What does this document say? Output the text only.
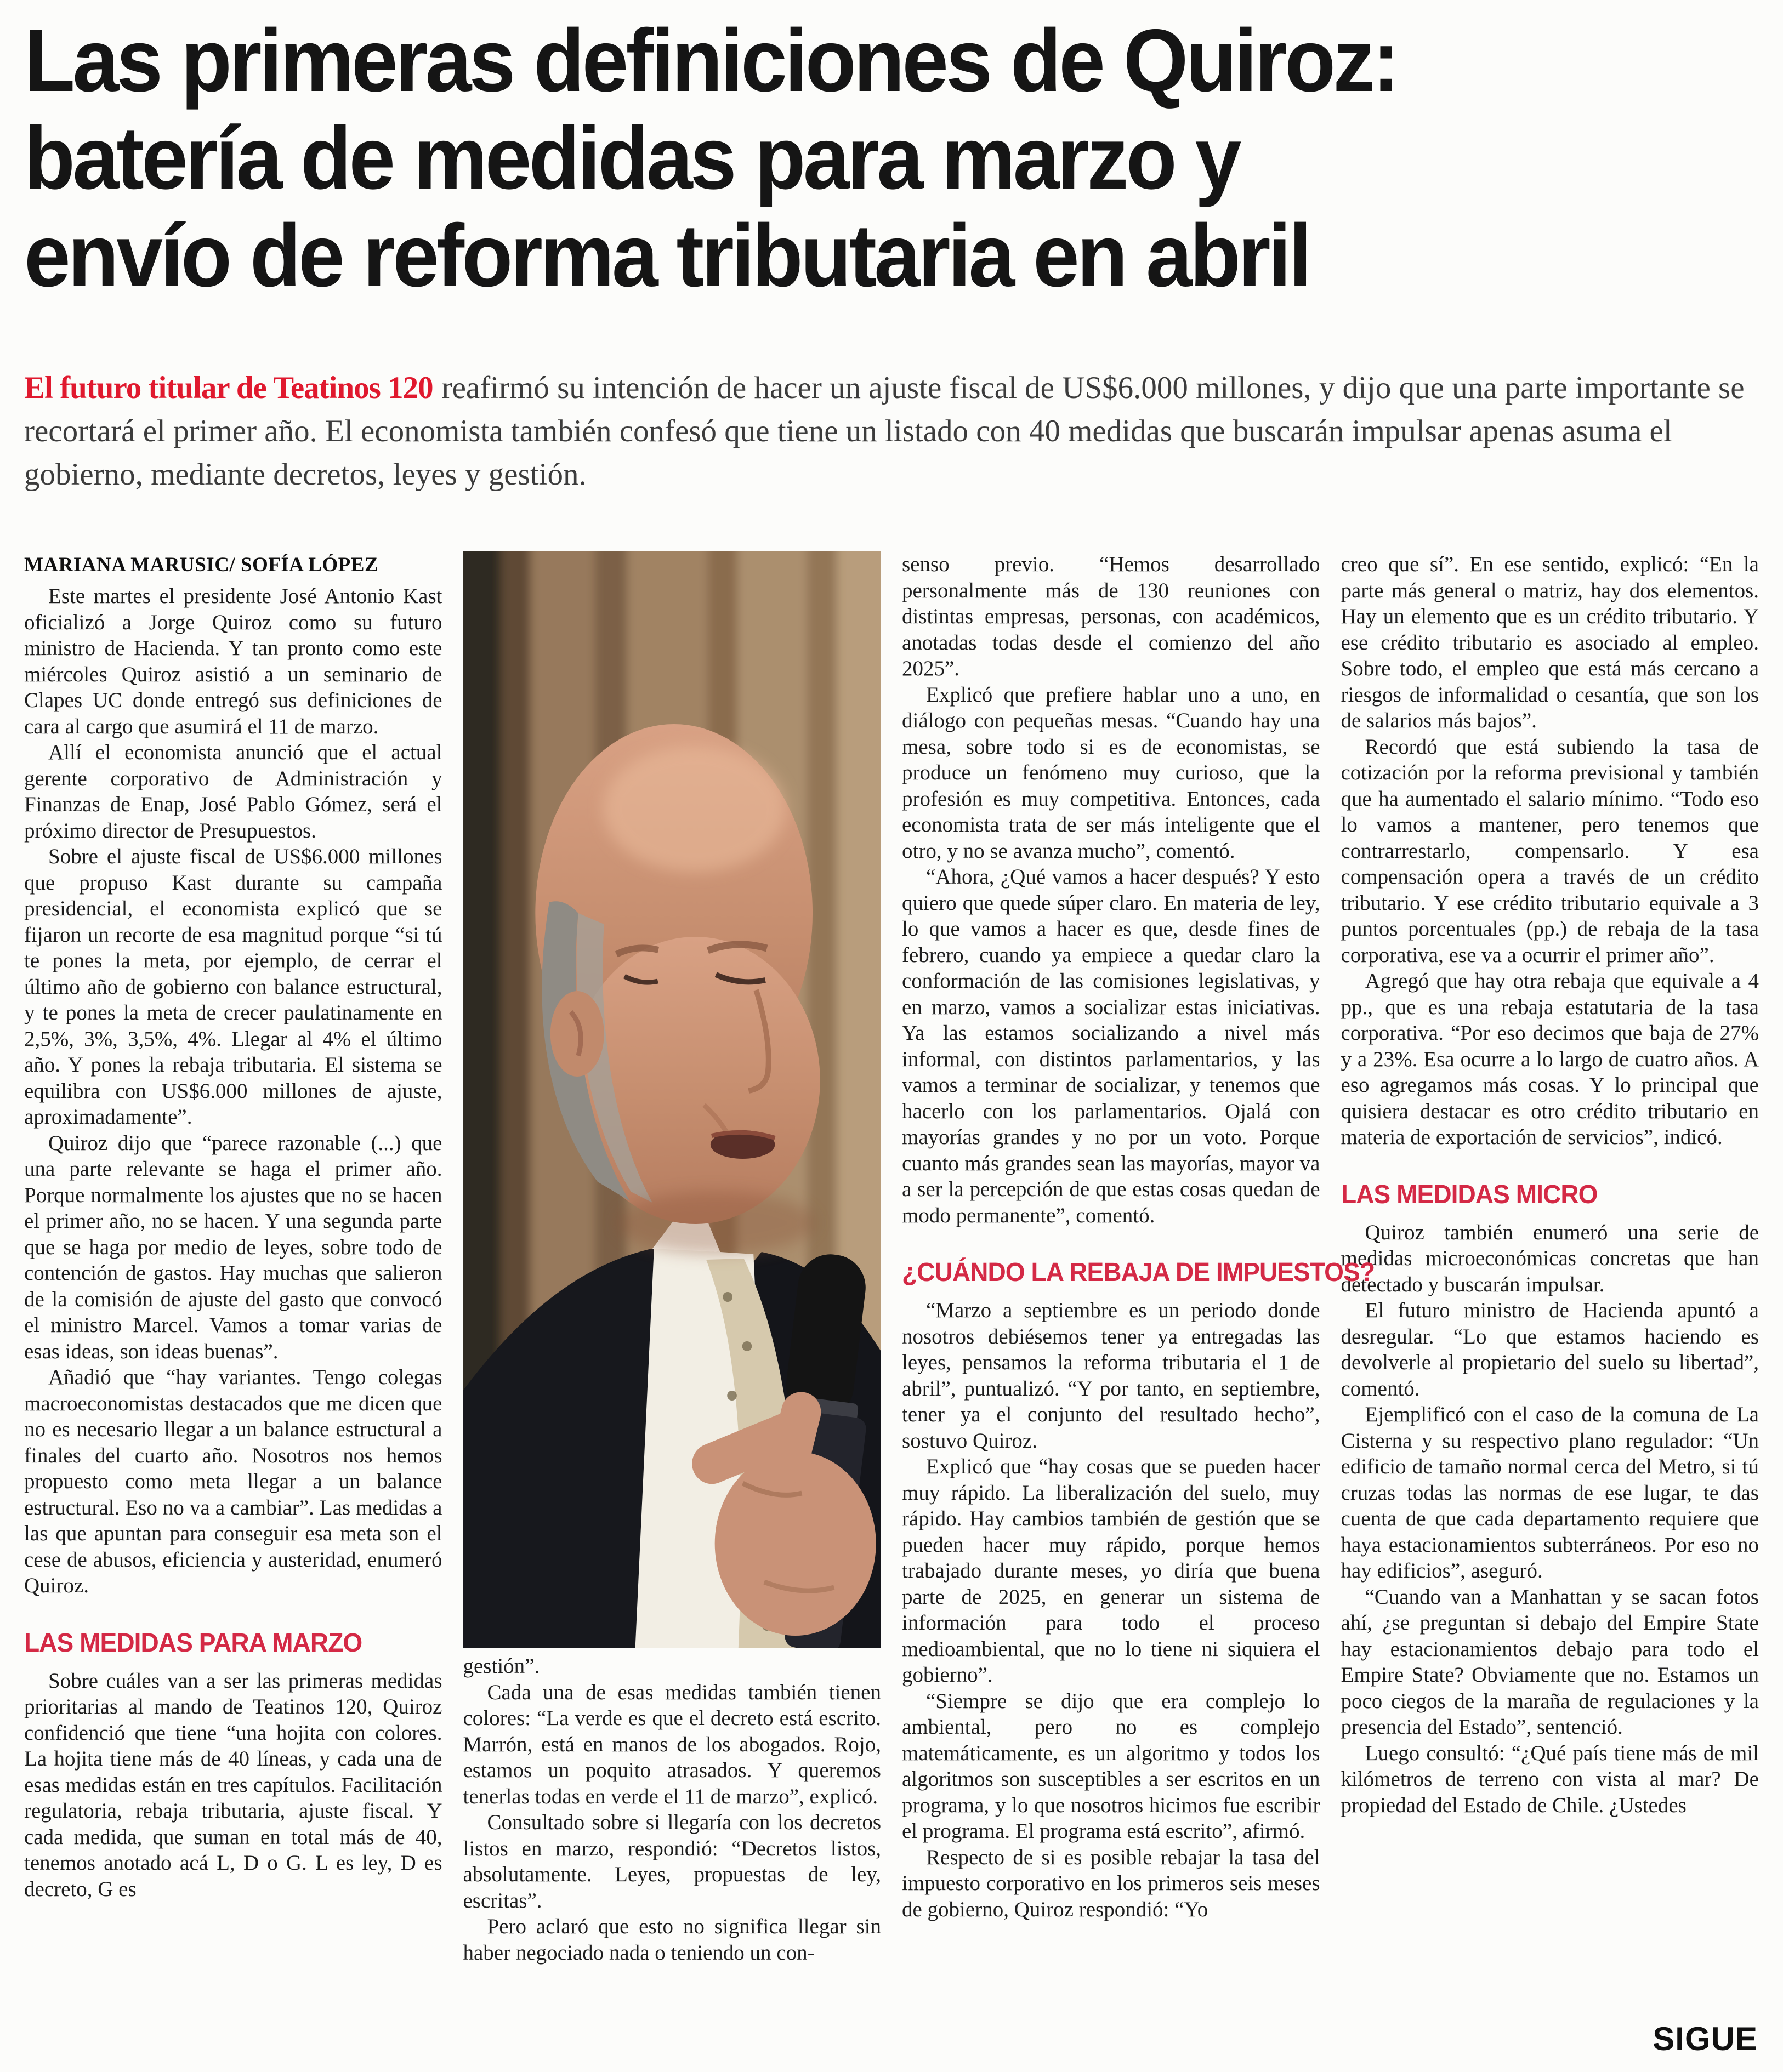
Las primeras definiciones de Quiroz:
batería de medidas para marzo y
envío de reforma tributaria en abril

El futuro titular de Teatinos 120 reafirmó su intención de hacer un ajuste fiscal de US$6.000 millones, y dijo que una parte importante se recortará el primer año. El economista también confesó que tiene un listado con 40 medidas que buscarán impulsar apenas asuma el gobierno, mediante decretos, leyes y gestión.

MARIANA MARUSIC/ SOFÍA LÓPEZ

Este martes el presidente José Antonio Kast oficializó a Jorge Quiroz como su futuro ministro de Hacienda. Y tan pronto como este miércoles Quiroz asistió a un seminario de Clapes UC donde entregó sus definiciones de cara al cargo que asumirá el 11 de marzo.

Allí el economista anunció que el actual gerente corporativo de Administración y Finanzas de Enap, José Pablo Gómez, será el próximo director de Presupuestos.

Sobre el ajuste fiscal de US$6.000 millones que propuso Kast durante su campaña presidencial, el economista explicó que se fijaron un recorte de esa magnitud porque “si tú te pones la meta, por ejemplo, de cerrar el último año de gobierno con balance estructural, y te pones la meta de crecer paulatinamente en 2,5%, 3%, 3,5%, 4%. Llegar al 4% el último año. Y pones la rebaja tributaria. El sistema se equilibra con US$6.000 millones de ajuste, aproximadamente”.

Quiroz dijo que “parece razonable (...) que una parte relevante se haga el primer año. Porque normalmente los ajustes que no se hacen el primer año, no se hacen. Y una segunda parte que se haga por medio de leyes, sobre todo de contención de gastos. Hay muchas que salieron de la comisión de ajuste del gasto que convocó el ministro Marcel. Vamos a tomar varias de esas ideas, son ideas buenas”.

Añadió que “hay variantes. Tengo colegas macroeconomistas destacados que me dicen que no es necesario llegar a un balance estructural a finales del cuarto año. Nosotros nos hemos propuesto como meta llegar a un balance estructural. Eso no va a cambiar”. Las medidas a las que apuntan para conseguir esa meta son el cese de abusos, eficiencia y austeridad, enumeró Quiroz.

LAS MEDIDAS PARA MARZO

Sobre cuáles van a ser las primeras medidas prioritarias al mando de Teatinos 120, Quiroz confidenció que tiene “una hojita con colores. La hojita tiene más de 40 líneas, y cada una de esas medidas están en tres capítulos. Facilitación regulatoria, rebaja tributaria, ajuste fiscal. Y cada medida, que suman en total más de 40, tenemos anotado acá L, D o G. L es ley, D es decreto, G es

gestión”.

Cada una de esas medidas también tienen colores: “La verde es que el decreto está escrito. Marrón, está en manos de los abogados. Rojo, estamos un poquito atrasados. Y queremos tenerlas todas en verde el 11 de marzo”, explicó.

Consultado sobre si llegaría con los decretos listos en marzo, respondió: “Decretos listos, absolutamente. Leyes, propuestas de ley, escritas”.

Pero aclaró que esto no significa llegar sin haber negociado nada o teniendo un con-

senso previo. “Hemos desarrollado personalmente más de 130 reuniones con distintas empresas, personas, con académicos, anotadas todas desde el comienzo del año 2025”.

Explicó que prefiere hablar uno a uno, en diálogo con pequeñas mesas. “Cuando hay una mesa, sobre todo si es de economistas, se produce un fenómeno muy curioso, que la profesión es muy competitiva. Entonces, cada economista trata de ser más inteligente que el otro, y no se avanza mucho”, comentó.

“Ahora, ¿Qué vamos a hacer después? Y esto quiero que quede súper claro. En materia de ley, lo que vamos a hacer es que, desde fines de febrero, cuando ya empiece a quedar claro la conformación de las comisiones legislativas, y en marzo, vamos a socializar estas iniciativas. Ya las estamos socializando a nivel más informal, con distintos parlamentarios, y las vamos a terminar de socializar, y tenemos que hacerlo con los parlamentarios. Ojalá con mayorías grandes y no por un voto. Porque cuanto más grandes sean las mayorías, mayor va a ser la percepción de que estas cosas quedan de modo permanente”, comentó.

¿CUÁNDO LA REBAJA DE IMPUESTOS?

“Marzo a septiembre es un periodo donde nosotros debiésemos tener ya entregadas las leyes, pensamos la reforma tributaria el 1 de abril”, puntualizó. “Y por tanto, en septiembre, tener ya el conjunto del resultado hecho”, sostuvo Quiroz.

Explicó que “hay cosas que se pueden hacer muy rápido. La liberalización del suelo, muy rápido. Hay cambios también de gestión que se pueden hacer muy rápido, porque hemos trabajado durante meses, yo diría que buena parte de 2025, en generar un sistema de información para todo el proceso medioambiental, que no lo tiene ni siquiera el gobierno”.

“Siempre se dijo que era complejo lo ambiental, pero no es complejo matemáticamente, es un algoritmo y todos los algoritmos son susceptibles a ser escritos en un programa, y lo que nosotros hicimos fue escribir el programa. El programa está escrito”, afirmó.

Respecto de si es posible rebajar la tasa del impuesto corporativo en los primeros seis meses de gobierno, Quiroz respondió: “Yo

creo que sí”. En ese sentido, explicó: “En la parte más general o matriz, hay dos elementos. Hay un elemento que es un crédito tributario. Y ese crédito tributario es asociado al empleo. Sobre todo, el empleo que está más cercano a riesgos de informalidad o cesantía, que son los de salarios más bajos”.

Recordó que está subiendo la tasa de cotización por la reforma previsional y también que ha aumentado el salario mínimo. “Todo eso lo vamos a mantener, pero tenemos que contrarrestarlo, compensarlo. Y esa compensación opera a través de un crédito tributario. Y ese crédito tributario equivale a 3 puntos porcentuales (pp.) de rebaja de la tasa corporativa, ese va a ocurrir el primer año”.

Agregó que hay otra rebaja que equivale a 4 pp., que es una rebaja estatutaria de la tasa corporativa. “Por eso decimos que baja de 27% y a 23%. Esa ocurre a lo largo de cuatro años. A eso agregamos más cosas. Y lo principal que quisiera destacar es otro crédito tributario en materia de exportación de servicios”, indicó.

LAS MEDIDAS MICRO

Quiroz también enumeró una serie de medidas microeconómicas concretas que han detectado y buscarán impulsar.

El futuro ministro de Hacienda apuntó a desregular. “Lo que estamos haciendo es devolverle al propietario del suelo su libertad”, comentó.

Ejemplificó con el caso de la comuna de La Cisterna y su respectivo plano regulador: “Un edificio de tamaño normal cerca del Metro, si tú cruzas todas las normas de ese lugar, te das cuenta de que cada departamento requiere que haya estacionamientos subterráneos. Por eso no hay edificios”, aseguró.

“Cuando van a Manhattan y se sacan fotos ahí, ¿se preguntan si debajo del Empire State hay estacionamientos debajo para todo el Empire State? Obviamente que no. Estamos un poco ciegos de la maraña de regulaciones y la presencia del Estado”, sentenció.

Luego consultó: “¿Qué país tiene más de mil kilómetros de terreno con vista al mar? De propiedad del Estado de Chile. ¿Ustedes

SIGUE
